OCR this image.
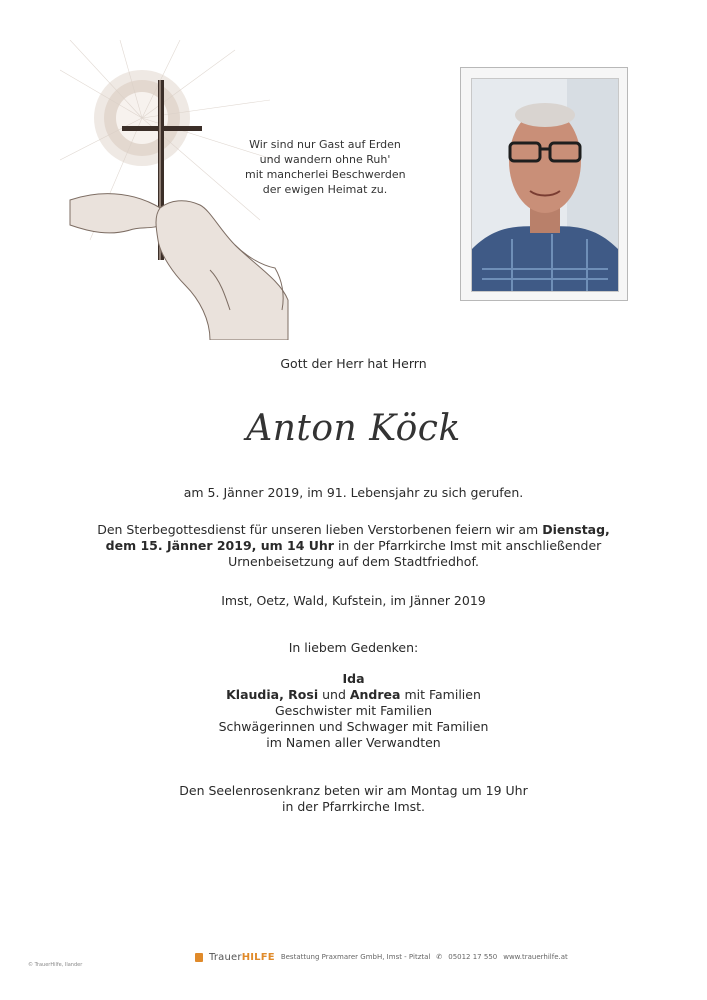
Wir sind nur Gast auf Erden
und wandern ohne Ruh'
mit mancherlei Beschwerden
der ewigen Heimat zu.
Gott der Herr hat Herrn
Anton Köck
am 5. Jänner 2019, im 91. Lebensjahr zu sich gerufen.
Den Sterbegottesdienst für unseren lieben Verstorbenen feiern wir am Dienstag,
dem 15. Jänner 2019, um 14 Uhr in der Pfarrkirche Imst mit anschließender
Urnenbeisetzung auf dem Stadtfriedhof.
Imst, Oetz, Wald, Kufstein, im Jänner 2019
In liebem Gedenken:
Ida
Klaudia, Rosi und Andrea mit Familien
Geschwister mit Familien
Schwägerinnen und Schwager mit Familien
im Namen aller Verwandten
Den Seelenrosenkranz beten wir am Montag um 19 Uhr
in der Pfarrkirche Imst.
TrauerHILFE Bestattung Praxmarer GmbH, Imst - Pitztal ✆ 05012 17 550 www.trauerhilfe.at
© TrauerHilfe, Ilander
